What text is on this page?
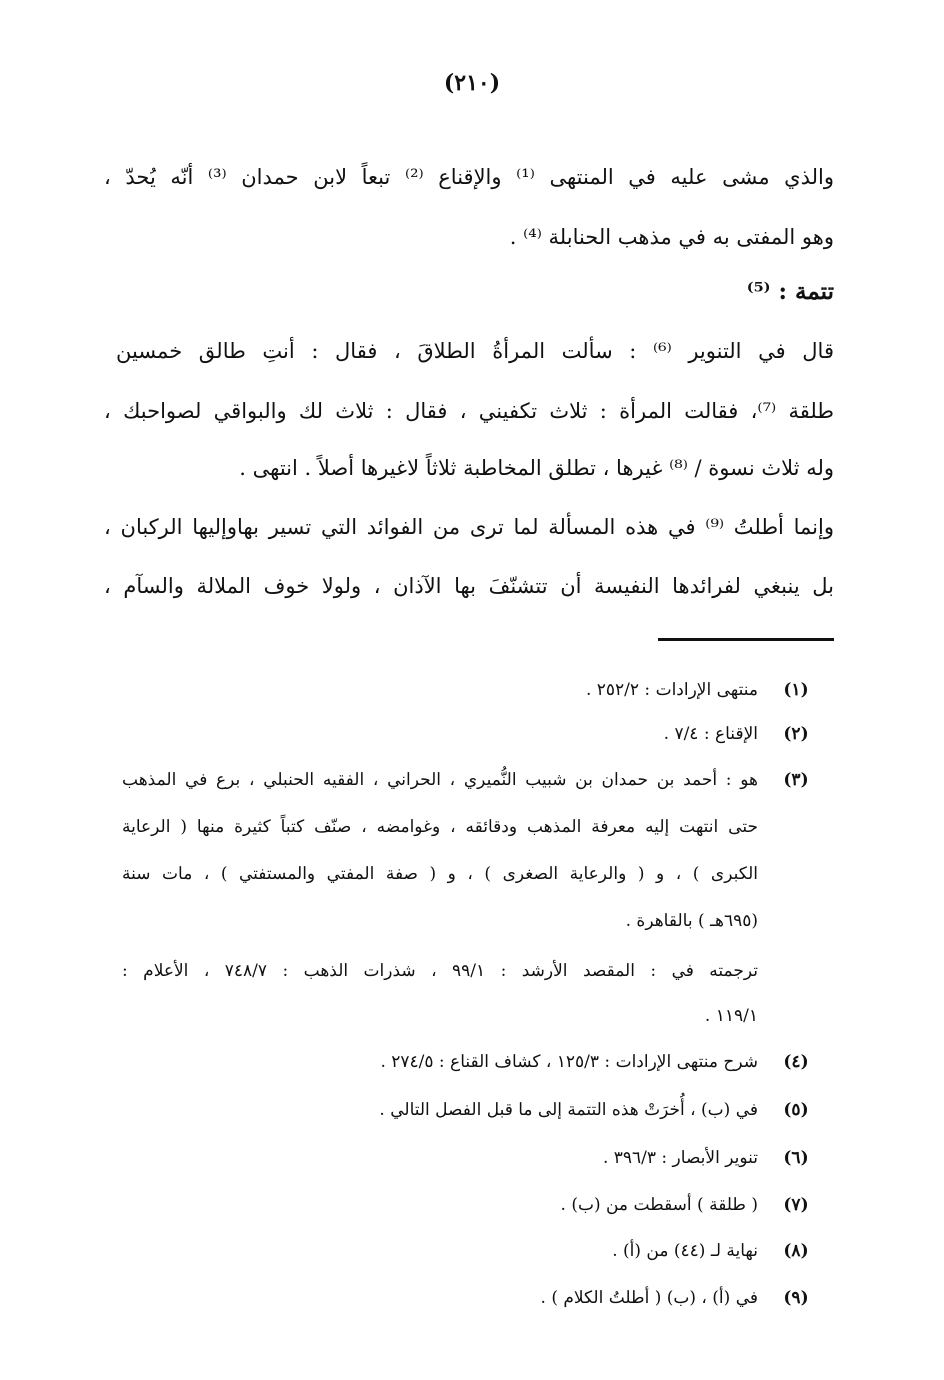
(٢١٠)
والذي مشى عليه في المنتهى ⁽¹⁾ والإقناع ⁽²⁾ تبعاً لابن حمدان ⁽³⁾ أنّه يُحدّ ،
وهو المفتى به في مذهب الحنابلة ⁽⁴⁾ .
تتمة : ⁽⁵⁾
قال في التنوير ⁽⁶⁾ : سألت المرأةُ الطلاقَ ، فقال : أنتِ طالق خمسين
طلقة ⁽⁷⁾، فقالت المرأة : ثلاث تكفيني ، فقال : ثلاث لك والبواقي لصواحبك ،
وله ثلاث نسوة / ⁽⁸⁾ غيرها ، تطلق المخاطبة ثلاثاً لاغيرها أصلاً . انتهى .
وإنما أطلتُ ⁽⁹⁾ في هذه المسألة لما ترى من الفوائد التي تسير بهاوإليها الركبان ،
بل ينبغي لفرائدها النفيسة أن تتشنّفَ بها الآذان ، ولولا خوف الملالة والسآم ،
(١)
منتهى الإرادات : ٢٥٢/٢ .
(٢)
الإقناع : ٧/٤ .
(٣)
هو : أحمد بن حمدان بن شبيب النُّميري ، الحراني ، الفقيه الحنبلي ، برع في المذهب
حتى انتهت إليه معرفة المذهب ودقائقه ، وغوامضه ، صنّف كتباً كثيرة منها ( الرعاية
الكبرى ) ، و ( والرعاية الصغرى ) ، و ( صفة المفتي والمستفتي ) ، مات سنة
(٦٩٥هـ ) بالقاهرة .
ترجمته في : المقصد الأرشد : ٩٩/١ ، شذرات الذهب : ٧٤٨/٧ ، الأعلام :
١١٩/١ .
(٤)
شرح منتهى الإرادات : ١٢٥/٣ ، كشاف القناع : ٢٧٤/٥ .
(٥)
في (ب) ، أُخرَتْ هذه التتمة إلى ما قبل الفصل التالي .
(٦)
تنوير الأبصار : ٣٩٦/٣ .
(٧)
( طلقة ) أسقطت من (ب) .
(٨)
نهاية لـ (٤٤) من (أ) .
(٩)
في (أ) ، (ب) ( أطلتُ الكلام ) .
